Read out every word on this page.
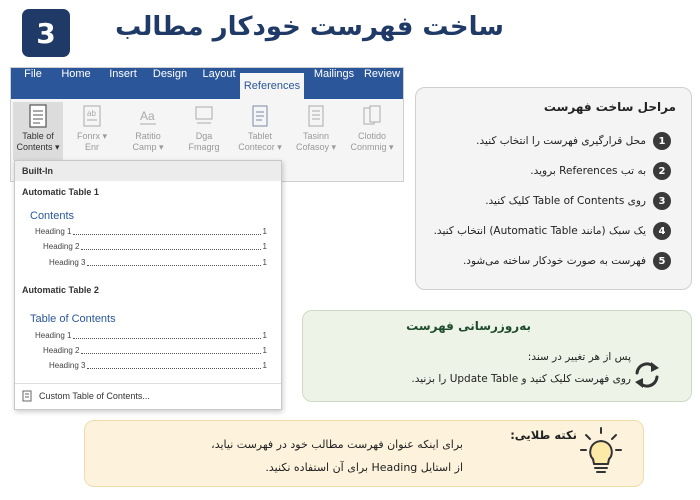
3	ساخت فهرست خودکار مطالب
File	Home	Insert	Design	Layout
References
Mailings Review
Table of
Contents ▾
ab
Fonrx ▾
Enr
Aa
Ratitio
Camp ▾
Dga
Fmagrg
Tablet
Contecor ▾
Tasinn
Cofasoy ▾
Clotido
Conmnig ▾
Built-In
Automatic Table 1
Contents
Heading 1	1
Heading 2	1
Heading 3	1
Automatic Table 2
Table of Contents
Heading 1	1
Heading 2	1
Heading 3	1
Custom Table of Contents...
مراحل ساخت فهرست
1
محل قرارگیری فهرست را انتخاب کنید.
2
به تب References بروید.
3
روی Table of Contents کلیک کنید.
4
یک سبک (مانند Automatic Table) انتخاب کنید.
5
فهرست به صورت خودکار ساخته می‌شود.
به‌روزرسانی فهرست
پس از هر تغییر در سند:
روی فهرست کلیک کنید و Update Table را بزنید.
نکته طلایی:
برای اینکه عنوان فهرست مطالب خود در فهرست نیاید،
از استایل Heading برای آن استفاده نکنید.
